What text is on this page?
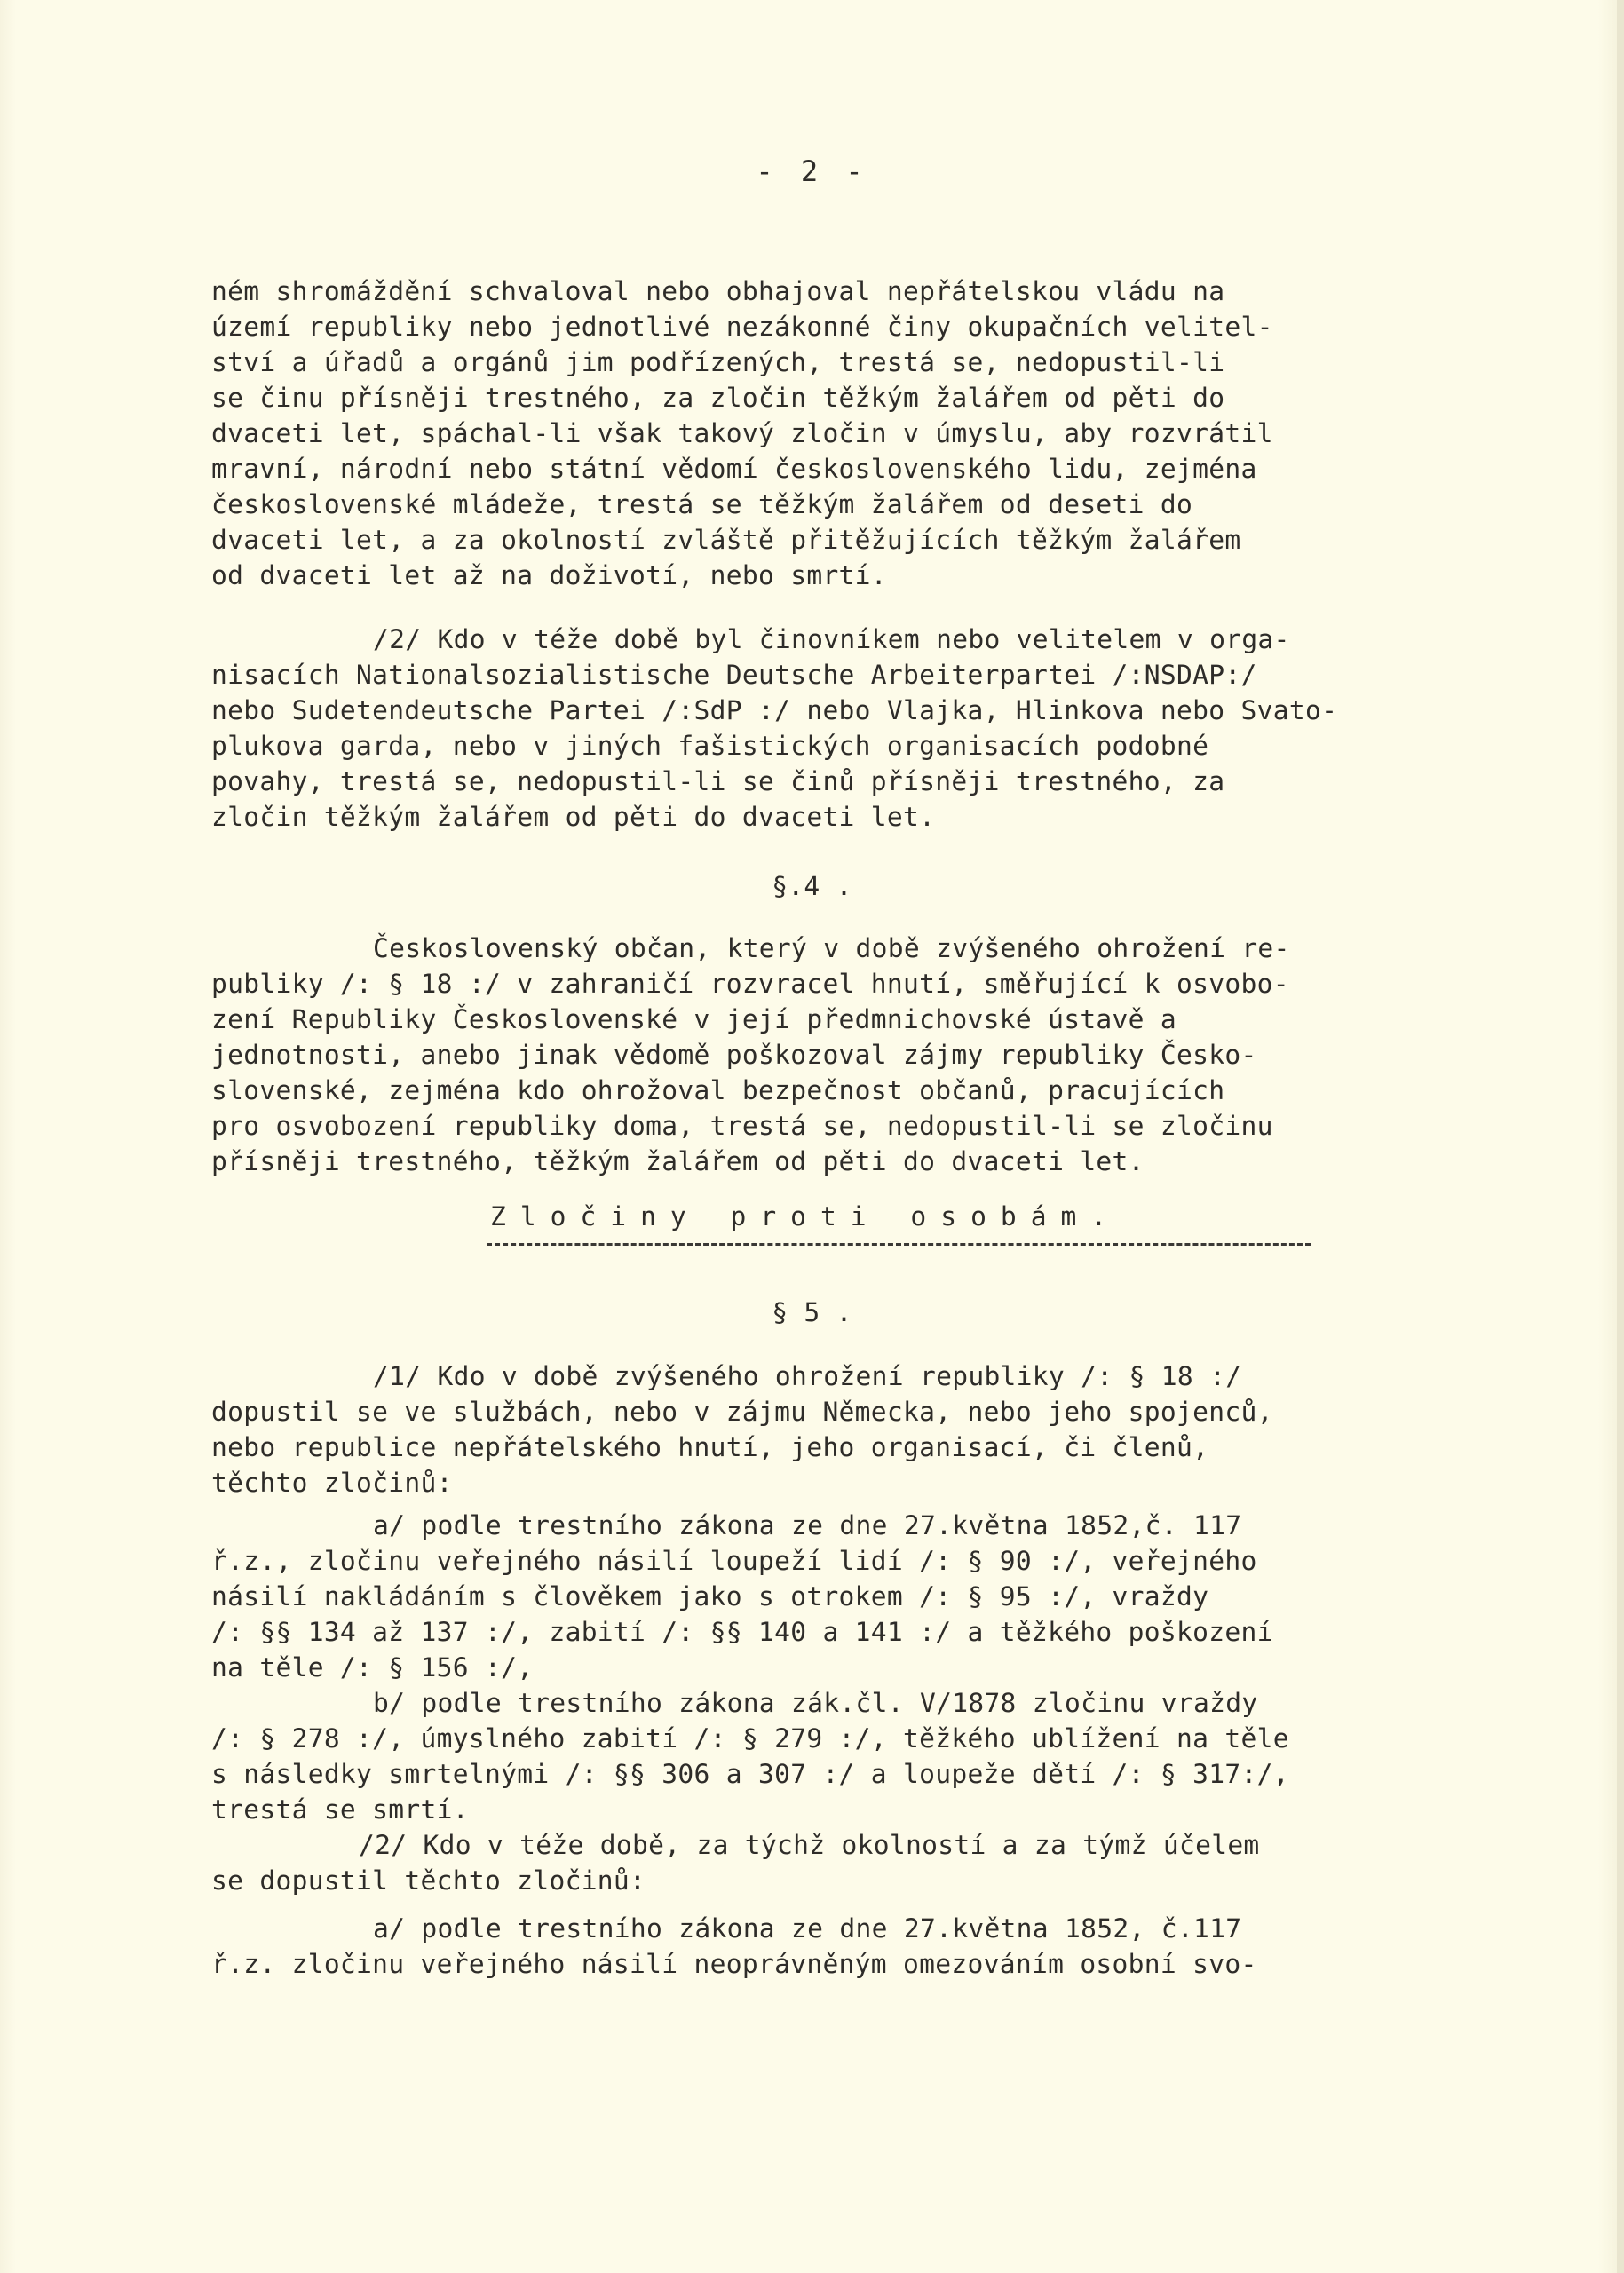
- 2 -

ném shromáždění schvaloval nebo obhajoval nepřátelskou vládu na

území republiky nebo jednotlivé nezákonné činy okupačních velitel-

ství a úřadů a orgánů jim podřízených, trestá se, nedopustil-li

se činu přísněji trestného, za zločin těžkým žalářem od pěti do

dvaceti let, spáchal-li však takový zločin v úmyslu, aby rozvrátil

mravní, národní nebo státní vědomí československého lidu, zejména

československé mládeže, trestá se těžkým žalářem od deseti do

dvaceti let, a za okolností zvláště přitěžujících těžkým žalářem

od dvaceti let až na doživotí, nebo smrtí.

/2/ Kdo v téže době byl činovníkem nebo velitelem v orga-

nisacích Nationalsozialistische Deutsche Arbeiterpartei /:NSDAP:/

nebo Sudetendeutsche Partei /:SdP :/ nebo Vlajka, Hlinkova nebo Svato-

plukova garda, nebo v jiných fašistických organisacích podobné

povahy, trestá se, nedopustil-li se činů přísněji trestného, za

zločin těžkým žalářem od pěti do dvaceti let.

§.4 .

Československý občan, který v době zvýšeného ohrožení re-

publiky /: § 18 :/ v zahraničí rozvracel hnutí, směřující k osvobo-

zení Republiky Československé v její předmnichovské ústavě a

jednotnosti, anebo jinak vědomě poškozoval zájmy republiky Česko-

slovenské, zejména kdo ohrožoval bezpečnost občanů, pracujících

pro osvobození republiky doma, trestá se, nedopustil-li se zločinu

přísněji trestného, těžkým žalářem od pěti do dvaceti let.

Zločiny proti osobám.

§ 5 .

/1/ Kdo v době zvýšeného ohrožení republiky /: § 18 :/

dopustil se ve službách, nebo v zájmu Německa, nebo jeho spojenců,

nebo republice nepřátelského hnutí, jeho organisací, či členů,

těchto zločinů:

a/ podle trestního zákona ze dne 27.května 1852,č. 117

ř.z., zločinu veřejného násilí loupeží lidí /: § 90 :/, veřejného

násilí nakládáním s člověkem jako s otrokem /: § 95 :/, vraždy

/: §§ 134 až 137 :/, zabití /: §§ 140 a 141 :/ a těžkého poškození

na těle /: § 156 :/,

b/ podle trestního zákona zák.čl. V/1878 zločinu vraždy

/: § 278 :/, úmyslného zabití /: § 279 :/, těžkého ublížení na těle

s následky smrtelnými /: §§ 306 a 307 :/ a loupeže dětí /: § 317:/,

trestá se smrtí.

/2/ Kdo v téže době, za týchž okolností a za týmž účelem

se dopustil těchto zločinů:

a/ podle trestního zákona ze dne 27.května 1852, č.117

ř.z. zločinu veřejného násilí neoprávněným omezováním osobní svo-
